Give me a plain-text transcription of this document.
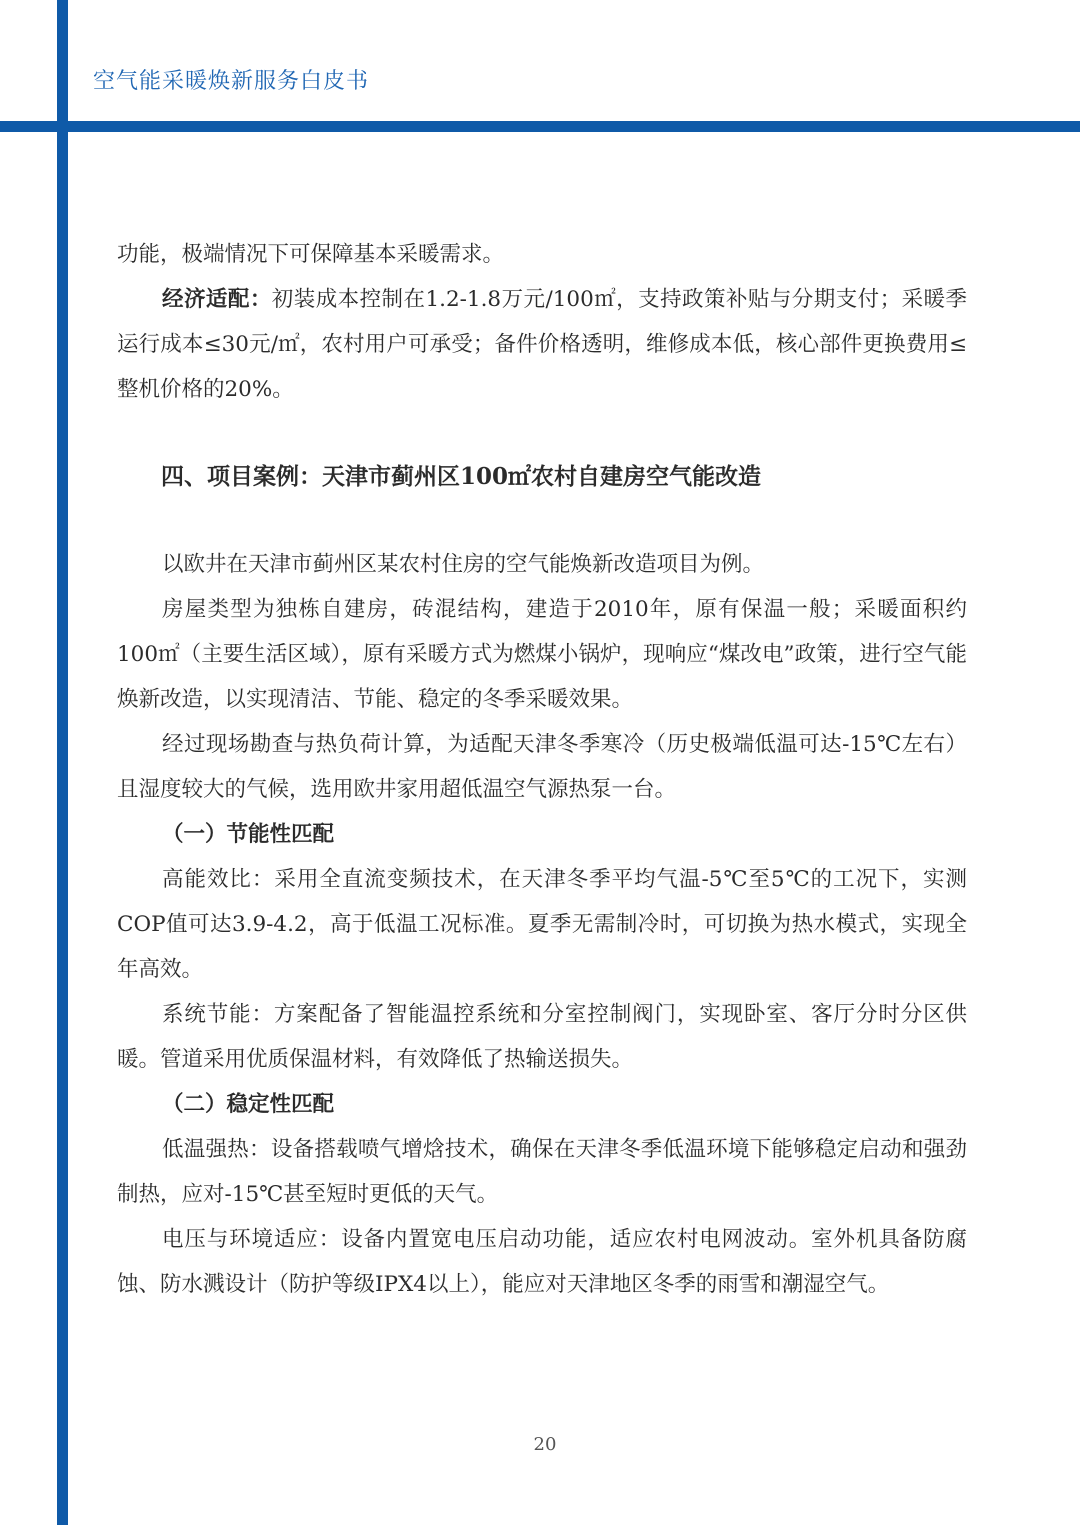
空气能采暖焕新服务白皮书

功能，极端情况下可保障基本采暖需求。

经济适配：初装成本控制在1.2-1.8万元/100㎡，支持政策补贴与分期支付；采暖季运行成本≤30元/㎡，农村用户可承受；备件价格透明，维修成本低，核心部件更换费用≤整机价格的20%。

四、项目案例：天津市蓟州区100㎡农村自建房空气能改造

以欧井在天津市蓟州区某农村住房的空气能焕新改造项目为例。

房屋类型为独栋自建房，砖混结构，建造于2010年，原有保温一般；采暖面积约100㎡（主要生活区域），原有采暖方式为燃煤小锅炉，现响应“煤改电”政策，进行空气能焕新改造，以实现清洁、节能、稳定的冬季采暖效果。

经过现场勘查与热负荷计算，为适配天津冬季寒冷（历史极端低温可达-15℃左右）且湿度较大的气候，选用欧井家用超低温空气源热泵一台。

（一）节能性匹配

高能效比：采用全直流变频技术，在天津冬季平均气温-5℃至5℃的工况下，实测COP值可达3.9-4.2，高于低温工况标准。夏季无需制冷时，可切换为热水模式，实现全年高效。

系统节能：方案配备了智能温控系统和分室控制阀门，实现卧室、客厅分时分区供暖。管道采用优质保温材料，有效降低了热输送损失。

（二）稳定性匹配

低温强热：设备搭载喷气增焓技术，确保在天津冬季低温环境下能够稳定启动和强劲制热，应对-15℃甚至短时更低的天气。

电压与环境适应：设备内置宽电压启动功能，适应农村电网波动。室外机具备防腐蚀、防水溅设计（防护等级IPX4以上），能应对天津地区冬季的雨雪和潮湿空气。

20
